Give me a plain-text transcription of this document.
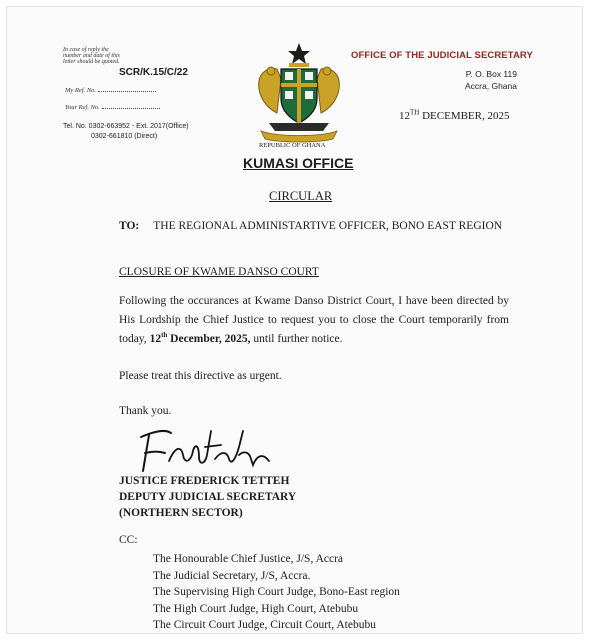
In case of reply the
number and date of this
letter should be quoted.
SCR/K.15/C/22
My Ref. No.
Your Ref. No.
Tel. No. 0302-663952 - Ext. 2017(Office)
0302-661810 (Direct)
OFFICE OF THE JUDICIAL SECRETARY
P. O. Box 119
Accra, Ghana
12TH DECEMBER, 2025
REPUBLIC OF GHANA
KUMASI OFFICE
CIRCULAR
TO: THE REGIONAL ADMINISTARTIVE OFFICER, BONO EAST REGION
CLOSURE OF KWAME DANSO COURT
Following the occurances at Kwame Danso District Court, I have been directed by His Lordship the Chief Justice to request you to close the Court temporarily from today, 12th December, 2025, until further notice.
Please treat this directive as urgent.
Thank you.
JUSTICE FREDERICK TETTEH
DEPUTY JUDICIAL SECRETARY
(NORTHERN SECTOR)
CC:
The Honourable Chief Justice, J/S, Accra
The Judicial Secretary, J/S, Accra.
The Supervising High Court Judge, Bono-East region
The High Court Judge, High Court, Atebubu
The Circuit Court Judge, Circuit Court, Atebubu
